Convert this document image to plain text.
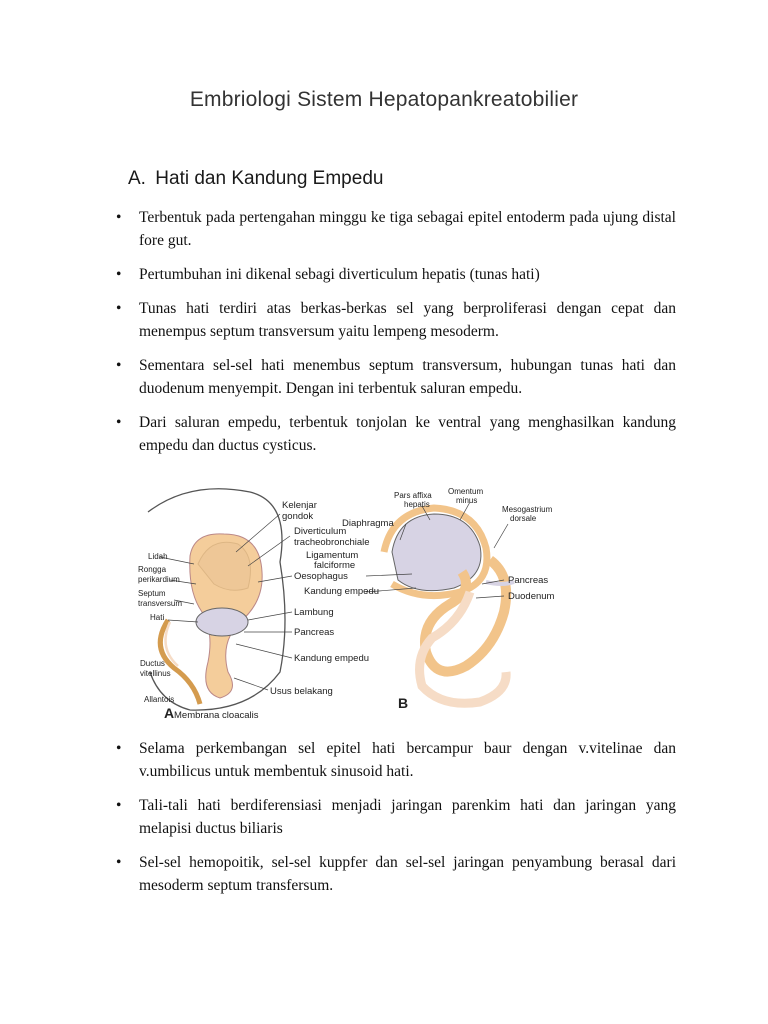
Embriologi Sistem Hepatopankreatobilier
A. Hati dan Kandung Empedu
• Terbentuk pada pertengahan minggu ke tiga sebagai epitel entoderm pada ujung distal fore gut.
• Pertumbuhan ini dikenal sebagi diverticulum hepatis (tunas hati)
• Tunas hati terdiri atas berkas-berkas sel yang berproliferasi dengan cepat dan menempus septum transversum yaitu lempeng mesoderm.
• Sementara sel-sel hati menembus septum transversum, hubungan tunas hati dan duodenum menyempit. Dengan ini terbentuk saluran empedu.
• Dari saluran empedu, terbentuk tonjolan ke ventral yang menghasilkan kandung empedu dan ductus cysticus.
Lidah
Rongga
perikardium
Septum
transversum
Hati
Ductus
vitellinus
Allantois
Kelenjar
gondok
Diverticulum
tracheobronchiale
Oesophagus
Lambung
Pancreas
Kandung empedu
Usus belakang
Membrana cloacalis
A
Pars affixa
hepatis
Omentum
minus
Mesogastrium
dorsale
Diaphragma
Ligamentum
falciforme
Kandung empedu
Pancreas
Duodenum
B
• Selama perkembangan sel epitel hati bercampur baur dengan v.vitelinae dan v.umbilicus untuk membentuk sinusoid hati.
• Tali-tali hati berdiferensiasi menjadi jaringan parenkim hati dan jaringan yang melapisi ductus biliaris
• Sel-sel hemopoitik, sel-sel kuppfer dan sel-sel jaringan penyambung berasal dari mesoderm septum transfersum.
